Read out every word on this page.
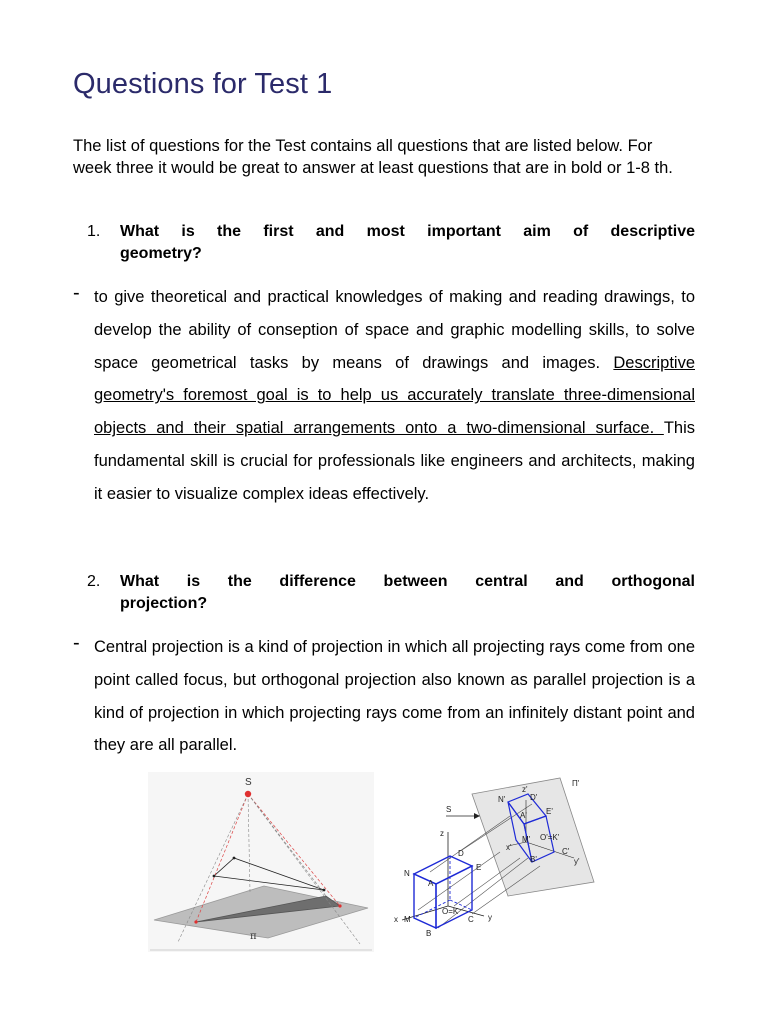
Questions for Test 1

The list of questions for the Test contains all questions that are listed below. For week three it would be great to answer at least questions that are in bold or 1-8 th.

1. What is the first and most important aim of descriptive
geometry?
- to give theoretical and practical knowledges of making and reading drawings, to develop the ability of conseption of space and graphic modelling skills, to solve space geometrical tasks by means of drawings and images. Descriptive geometry's foremost goal is to help us accurately translate three-dimensional objects and their spatial arrangements onto a two-dimensional surface. This fundamental skill is crucial for professionals like engineers and architects, making it easier to visualize complex ideas effectively.
2. What is the difference between central and orthogonal
projection?
- Central projection is a kind of projection in which all projecting rays come from one point called focus, but orthogonal projection also known as parallel projection is a kind of projection in which projecting rays come from an infinitely distant point and they are all parallel.
S
π
S
Π'
z
x	y
z'
x'
y'
N
A
D
E
M
O=K
B
C
N'	D'
A' E'
M' O'=K'
B'
C'
